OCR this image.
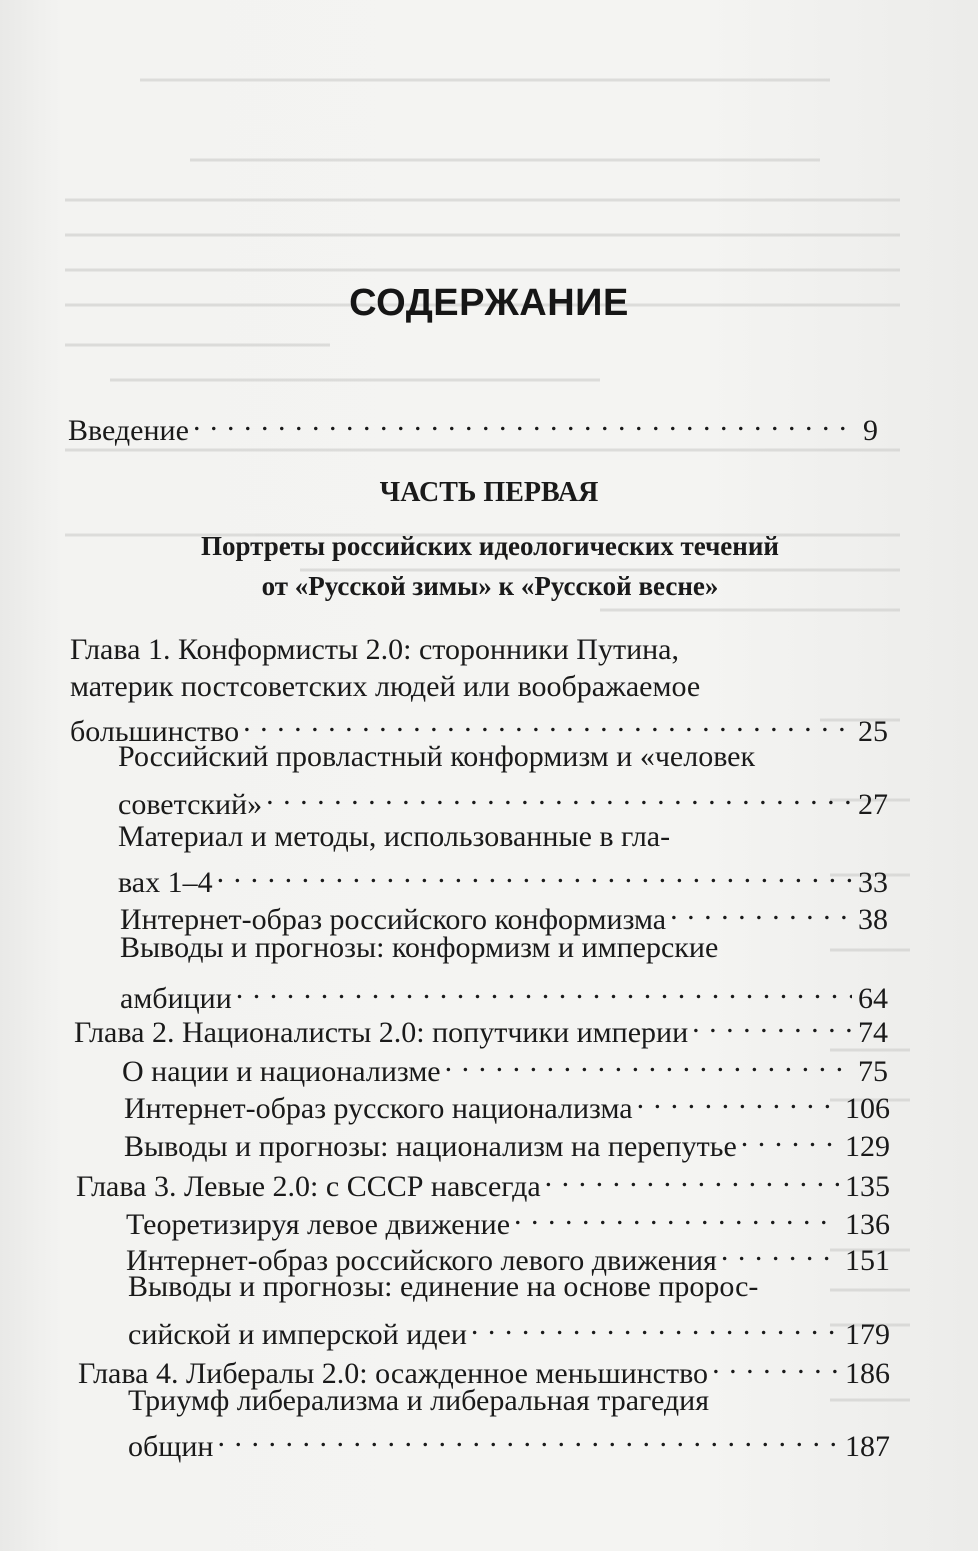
СОДЕРЖАНИЕ
Введение . . .	9
ЧАСТЬ ПЕРВАЯ
Портреты российских идеологических течений
от «Русской зимы» к «Русской весне»
Глава 1. Конформисты 2.0: сторонники Путина,
материк постсоветских людей или воображаемое
большинство . . .	25
Российский провластный конформизм и «человек
советский» . . .	27
Материал и методы, использованные в гла-
вах 1–4 . . .	33
Интернет-образ российского конформизма . . .	38
Выводы и прогнозы: конформизм и имперские
амбиции . . .	64
Глава 2. Националисты 2.0: попутчики империи . . .	74
О нации и национализме . . .	75
Интернет-образ русского национализма . . .	106
Выводы и прогнозы: национализм на перепутье . . .	129
Глава 3. Левые 2.0: с СССР навсегда . . .	135
Теоретизируя левое движение . . .	136
Интернет-образ российского левого движения . . .	151
Выводы и прогнозы: единение на основе пророс-
сийской и имперской идеи . . .	179
Глава 4. Либералы 2.0: осажденное меньшинство . . .	186
Триумф либерализма и либеральная трагедия
общин . . .	187
